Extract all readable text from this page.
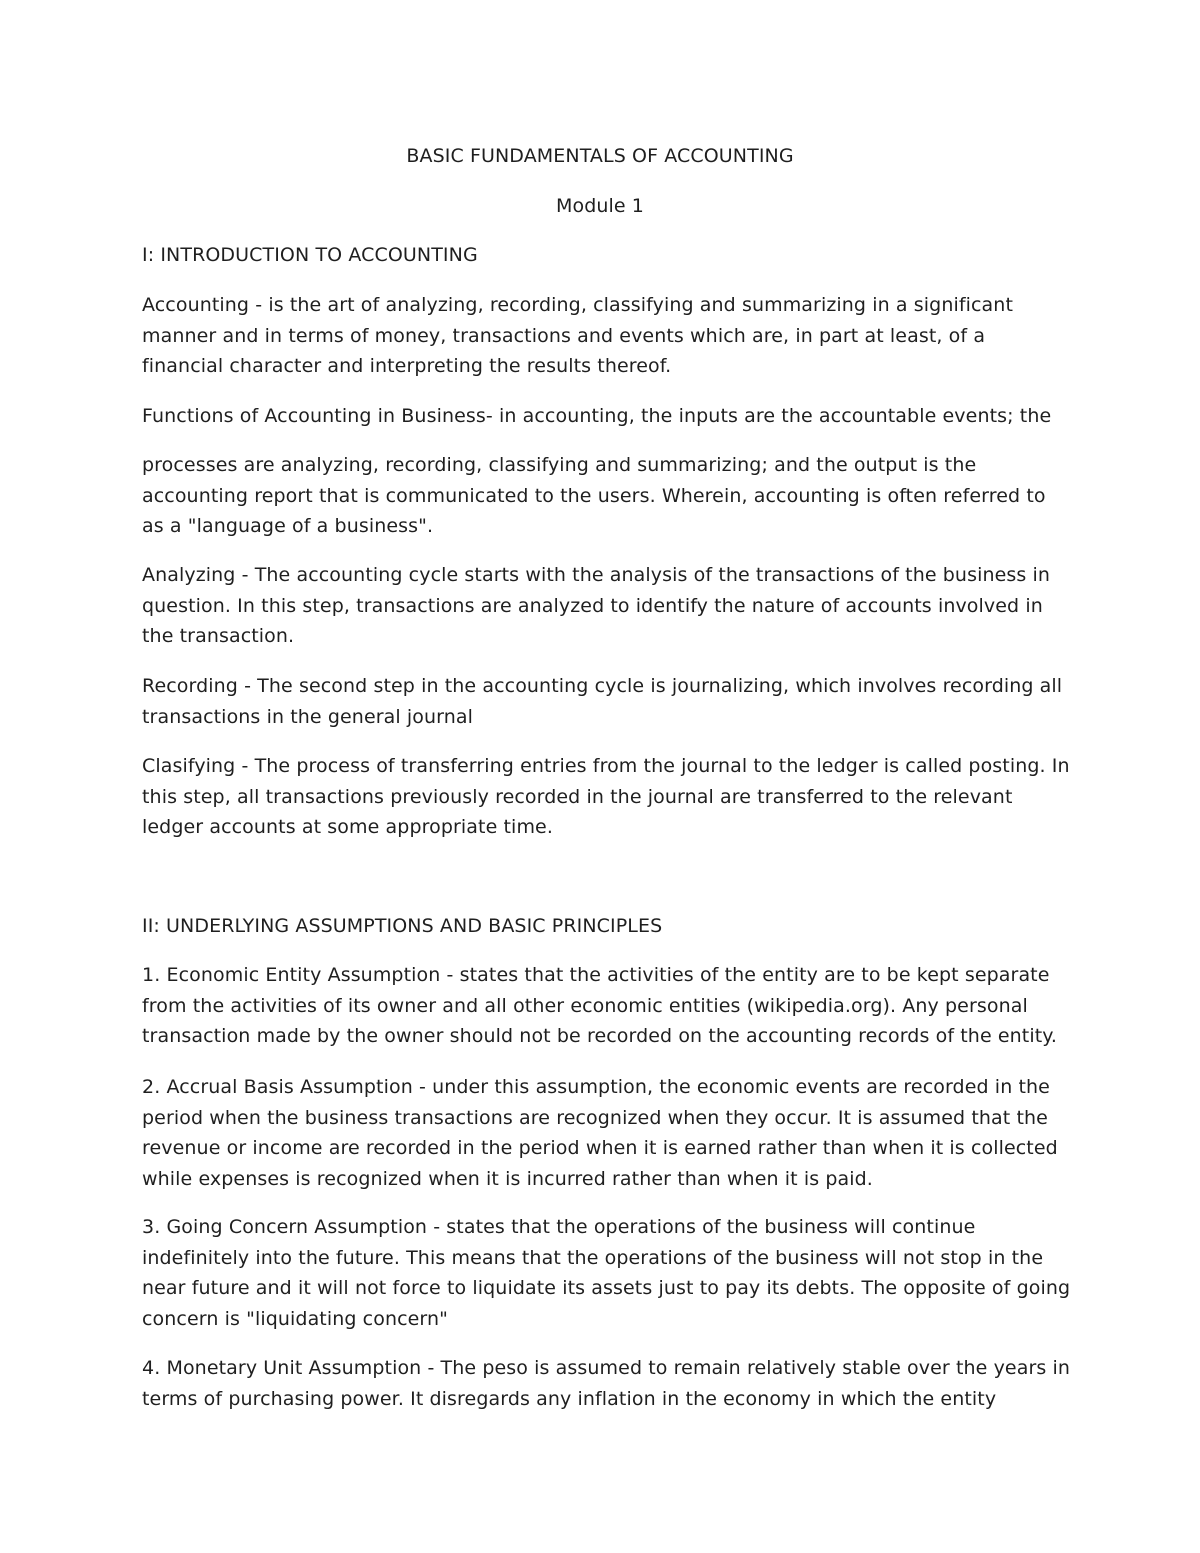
BASIC FUNDAMENTALS OF ACCOUNTING
Module 1
I: INTRODUCTION TO ACCOUNTING
Accounting - is the art of analyzing, recording, classifying and summarizing in a significant manner and in terms of money, transactions and events which are, in part at least, of a financial character and interpreting the results thereof.
Functions of Accounting in Business- in accounting, the inputs are the accountable events; the
processes are analyzing, recording, classifying and summarizing; and the output is the accounting report that is communicated to the users. Wherein, accounting is often referred to as a "language of a business".
Analyzing - The accounting cycle starts with the analysis of the transactions of the business in question. In this step, transactions are analyzed to identify the nature of accounts involved in the transaction.
Recording - The second step in the accounting cycle is journalizing, which involves recording all transactions in the general journal
Clasifying - The process of transferring entries from the journal to the ledger is called posting. In this step, all transactions previously recorded in the journal are transferred to the relevant ledger accounts at some appropriate time.
II: UNDERLYING ASSUMPTIONS AND BASIC PRINCIPLES
1. Economic Entity Assumption - states that the activities of the entity are to be kept separate from the activities of its owner and all other economic entities (wikipedia.org). Any personal transaction made by the owner should not be recorded on the accounting records of the entity.
2. Accrual Basis Assumption - under this assumption, the economic events are recorded in the period when the business transactions are recognized when they occur. It is assumed that the revenue or income are recorded in the period when it is earned rather than when it is collected while expenses is recognized when it is incurred rather than when it is paid.
3. Going Concern Assumption - states that the operations of the business will continue indefinitely into the future. This means that the operations of the business will not stop in the near future and it will not force to liquidate its assets just to pay its debts. The opposite of going concern is "liquidating concern"
4. Monetary Unit Assumption - The peso is assumed to remain relatively stable over the years in terms of purchasing power. It disregards any inflation in the economy in which the entity
